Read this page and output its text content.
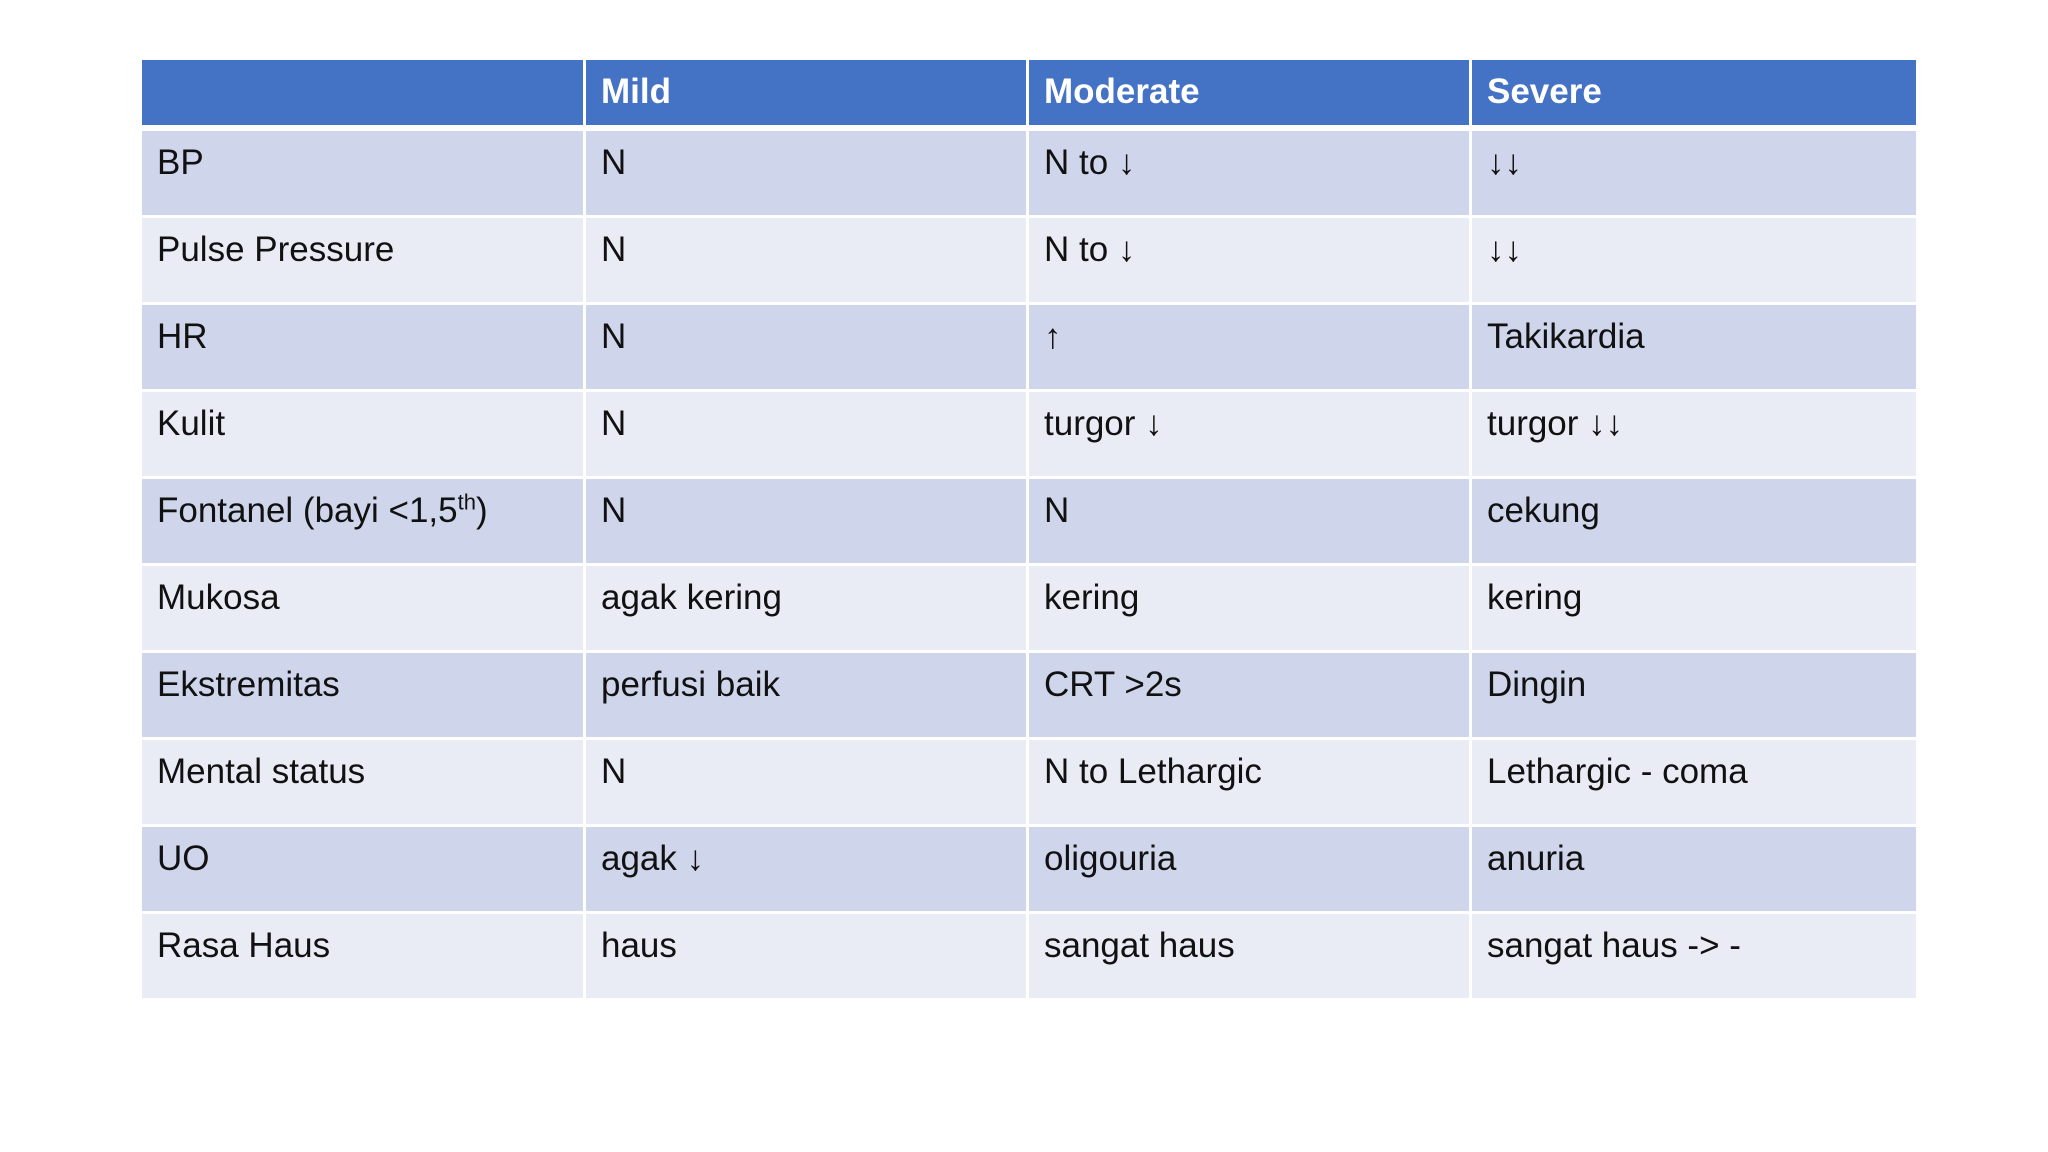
	Mild	Moderate	Severe
BP	N	N to ↓	↓↓
Pulse Pressure	N	N to ↓	↓↓
HR	N	↑	Takikardia
Kulit	N	turgor ↓	turgor ↓↓
Fontanel (bayi <1,5th)	N	N	cekung
Mukosa	agak kering	kering	kering
Ekstremitas	perfusi baik	CRT >2s	Dingin
Mental status	N	N to Lethargic	Lethargic - coma
UO	agak ↓	oligouria	anuria
Rasa Haus	haus	sangat haus	sangat haus -> -
